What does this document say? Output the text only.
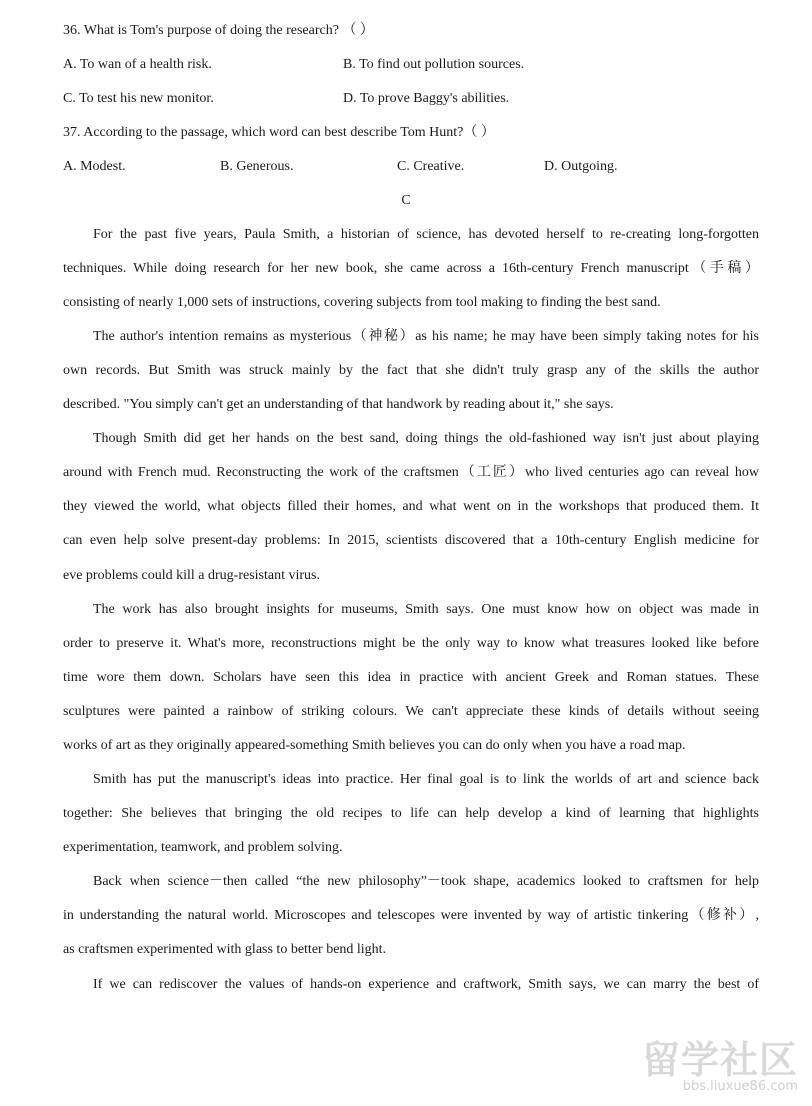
36. What is Tom's purpose of doing the research? （ ）
A. To wan of a health risk.	B. To find out pollution sources.
C. To test his new monitor.	D. To prove Baggy's abilities.
37. According to the passage, which word can best describe Tom Hunt?（ ）
A. Modest.	B. Generous.	C. Creative.	D. Outgoing.
C
For the past five years, Paula Smith, a historian of science, has devoted herself to re-creating long-forgotten
techniques. While doing research for her new book, she came across a 16th-century French manuscript（手稿）
consisting of nearly 1,000 sets of instructions, covering subjects from tool making to finding the best sand.
The author's intention remains as mysterious（神秘）as his name; he may have been simply taking notes for his
own records. But Smith was struck mainly by the fact that she didn't truly grasp any of the skills the author
described. "You simply can't get an understanding of that handwork by reading about it," she says.
Though Smith did get her hands on the best sand, doing things the old-fashioned way isn't just about playing
around with French mud. Reconstructing the work of the craftsmen（工匠）who lived centuries ago can reveal how
they viewed the world, what objects filled their homes, and what went on in the workshops that produced them. It
can even help solve present-day problems: In 2015, scientists discovered that a 10th-century English medicine for
eve problems could kill a drug-resistant virus.
The work has also brought insights for museums, Smith says. One must know how on object was made in
order to preserve it. What's more, reconstructions might be the only way to know what treasures looked like before
time wore them down. Scholars have seen this idea in practice with ancient Greek and Roman statues. These
sculptures were painted a rainbow of striking colours. We can't appreciate these kinds of details without seeing
works of art as they originally appeared-something Smith believes you can do only when you have a road map.
Smith has put the manuscript's ideas into practice. Her final goal is to link the worlds of art and science back
together: She believes that bringing the old recipes to life can help develop a kind of learning that highlights
experimentation, teamwork, and problem solving.
Back when science－then called “the new philosophy”－took shape, academics looked to craftsmen for help
in understanding the natural world. Microscopes and telescopes were invented by way of artistic tinkering（修补）,
as craftsmen experimented with glass to better bend light.
If we can rediscover the values of hands-on experience and craftwork, Smith says, we can marry the best of
留学社区
bbs.liuxue86.com
